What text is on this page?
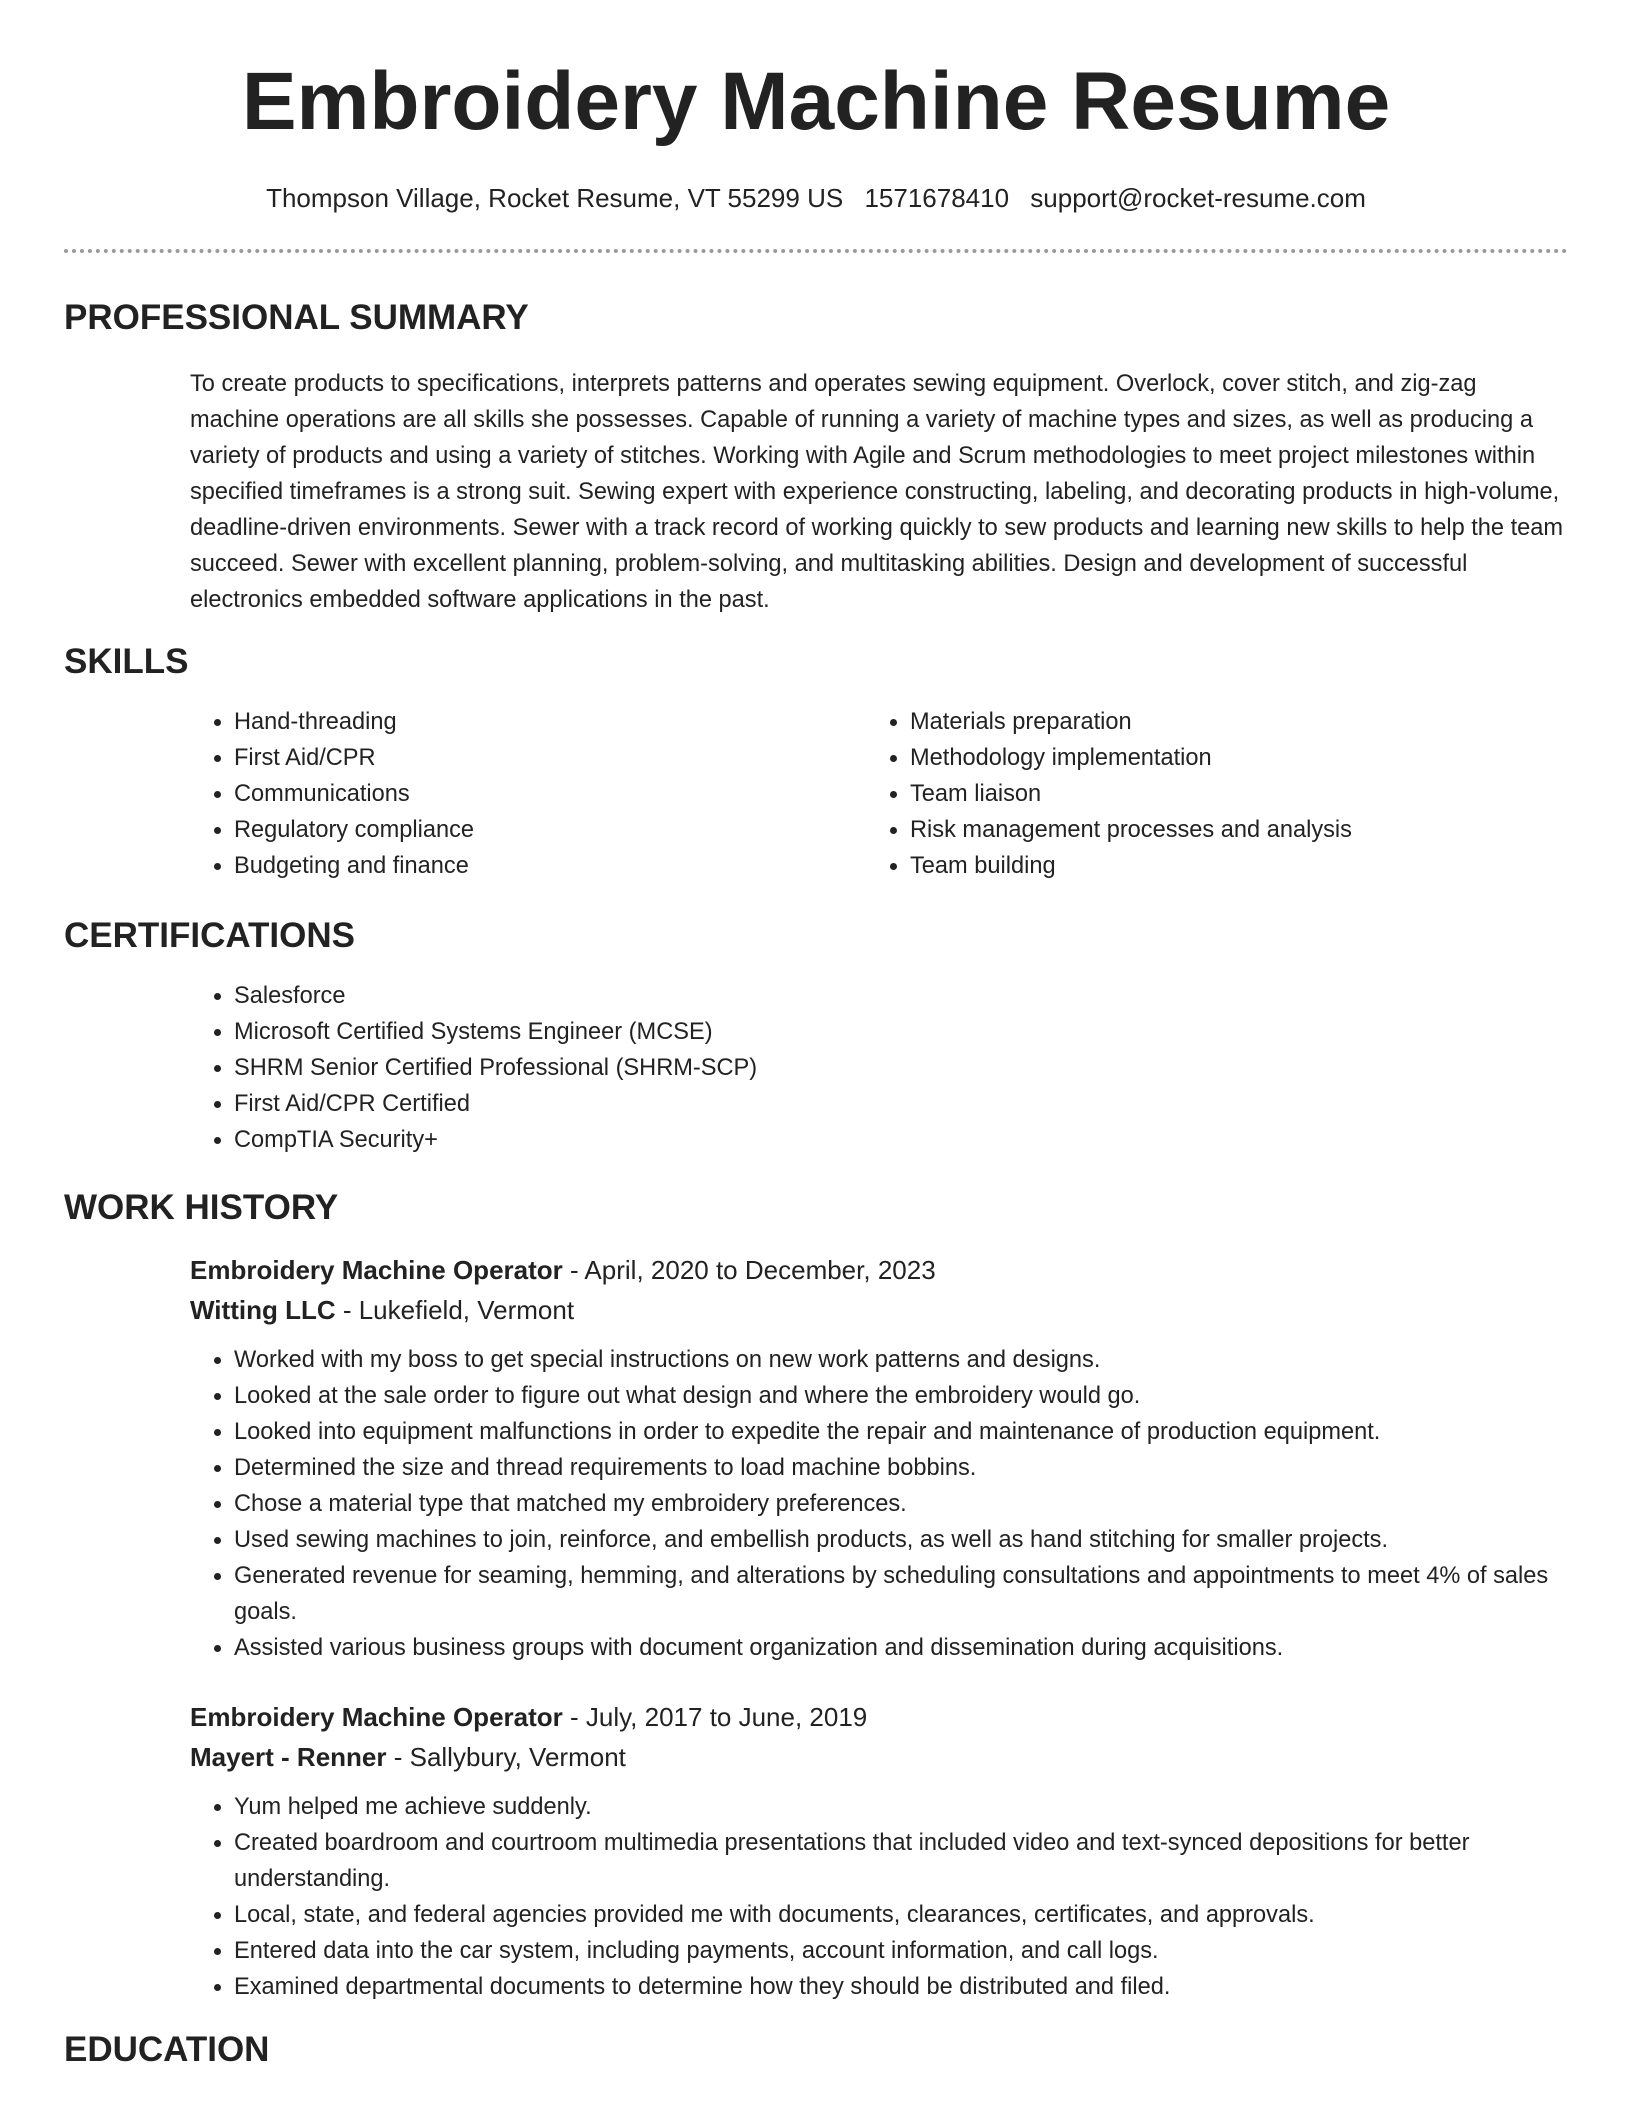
Embroidery Machine Resume
Thompson Village, Rocket Resume, VT 55299 US 1571678410 support@rocket-resume.com
PROFESSIONAL SUMMARY

To create products to specifications, interprets patterns and operates sewing equipment. Overlock, cover stitch, and zig-zag machine operations are all skills she possesses. Capable of running a variety of machine types and sizes, as well as producing a variety of products and using a variety of stitches. Working with Agile and Scrum methodologies to meet project milestones within specified timeframes is a strong suit. Sewing expert with experience constructing, labeling, and decorating products in high-volume, deadline-driven environments. Sewer with a track record of working quickly to sew products and learning new skills to help the team succeed. Sewer with excellent planning, problem-solving, and multitasking abilities. Design and development of successful electronics embedded software applications in the past.

SKILLS
• Hand-threading
• First Aid/CPR
• Communications
• Regulatory compliance
• Budgeting and finance
• Materials preparation
• Methodology implementation
• Team liaison
• Risk management processes and analysis
• Team building
CERTIFICATIONS
• Salesforce
• Microsoft Certified Systems Engineer (MCSE)
• SHRM Senior Certified Professional (SHRM-SCP)
• First Aid/CPR Certified
• CompTIA Security+
WORK HISTORY
Embroidery Machine Operator - April, 2020 to December, 2023
Witting LLC - Lukefield, Vermont
• Worked with my boss to get special instructions on new work patterns and designs.
• Looked at the sale order to figure out what design and where the embroidery would go.
• Looked into equipment malfunctions in order to expedite the repair and maintenance of production equipment.
• Determined the size and thread requirements to load machine bobbins.
• Chose a material type that matched my embroidery preferences.
• Used sewing machines to join, reinforce, and embellish products, as well as hand stitching for smaller projects.
• Generated revenue for seaming, hemming, and alterations by scheduling consultations and appointments to meet 4% of sales goals.
• Assisted various business groups with document organization and dissemination during acquisitions.
Embroidery Machine Operator - July, 2017 to June, 2019
Mayert - Renner - Sallybury, Vermont
• Yum helped me achieve suddenly.
• Created boardroom and courtroom multimedia presentations that included video and text-synced depositions for better understanding.
• Local, state, and federal agencies provided me with documents, clearances, certificates, and approvals.
• Entered data into the car system, including payments, account information, and call logs.
• Examined departmental documents to determine how they should be distributed and filed.
EDUCATION
